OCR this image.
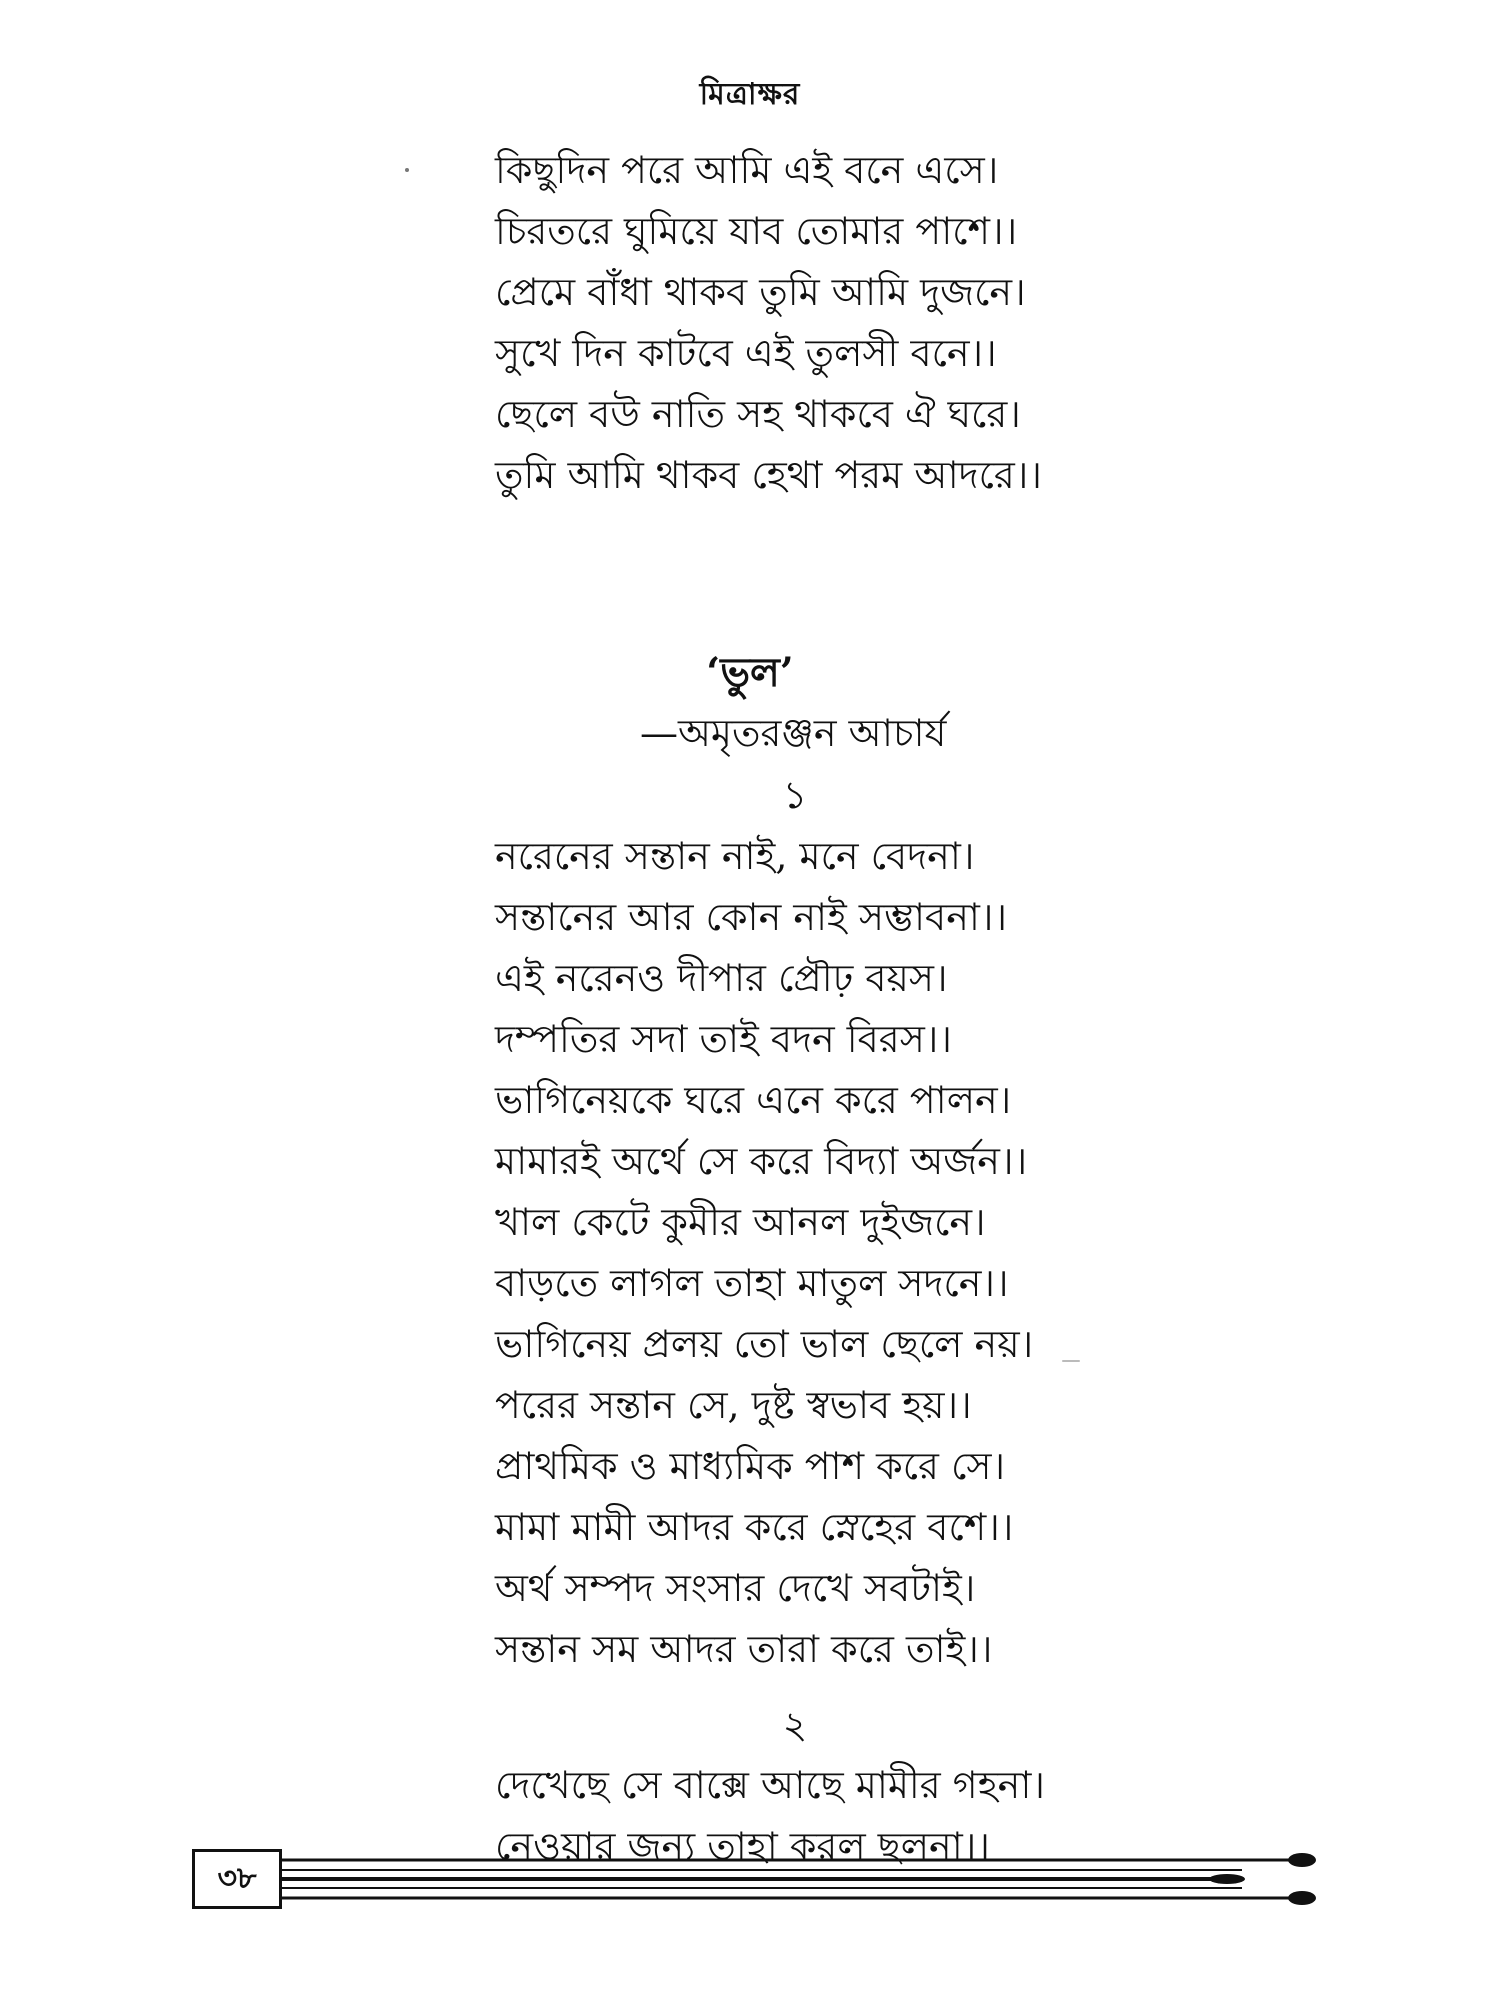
মিত্রাক্ষর
কিছুদিন পরে আমি এই বনে এসে।
চিরতরে ঘুমিয়ে যাব তোমার পাশে।।
প্রেমে বাঁধা থাকব তুমি আমি দুজনে।
সুখে দিন কাটবে এই তুলসী বনে।।
ছেলে বউ নাতি সহ থাকবে ঐ ঘরে।
তুমি আমি থাকব হেথা পরম আদরে।।
‘ভুল’
—অমৃতরঞ্জন আচার্য
১
নরেনের সন্তান নাই, মনে বেদনা।
সন্তানের আর কোন নাই সম্ভাবনা।।
এই নরেনও দীপার প্রৌঢ় বয়স।
দম্পতির সদা তাই বদন বিরস।।
ভাগিনেয়কে ঘরে এনে করে পালন।
মামারই অর্থে সে করে বিদ্যা অর্জন।।
খাল কেটে কুমীর আনল দুইজনে।
বাড়তে লাগল তাহা মাতুল সদনে।।
ভাগিনেয় প্রলয় তো ভাল ছেলে নয়।
পরের সন্তান সে, দুষ্ট স্বভাব হয়।।
প্রাথমিক ও মাধ্যমিক পাশ করে সে।
মামা মামী আদর করে স্নেহের বশে।।
অর্থ সম্পদ সংসার দেখে সবটাই।
সন্তান সম আদর তারা করে তাই।।
২
দেখেছে সে বাক্সে আছে মামীর গহনা।
নেওয়ার জন্য তাহা করল ছলনা।।
৩৮
